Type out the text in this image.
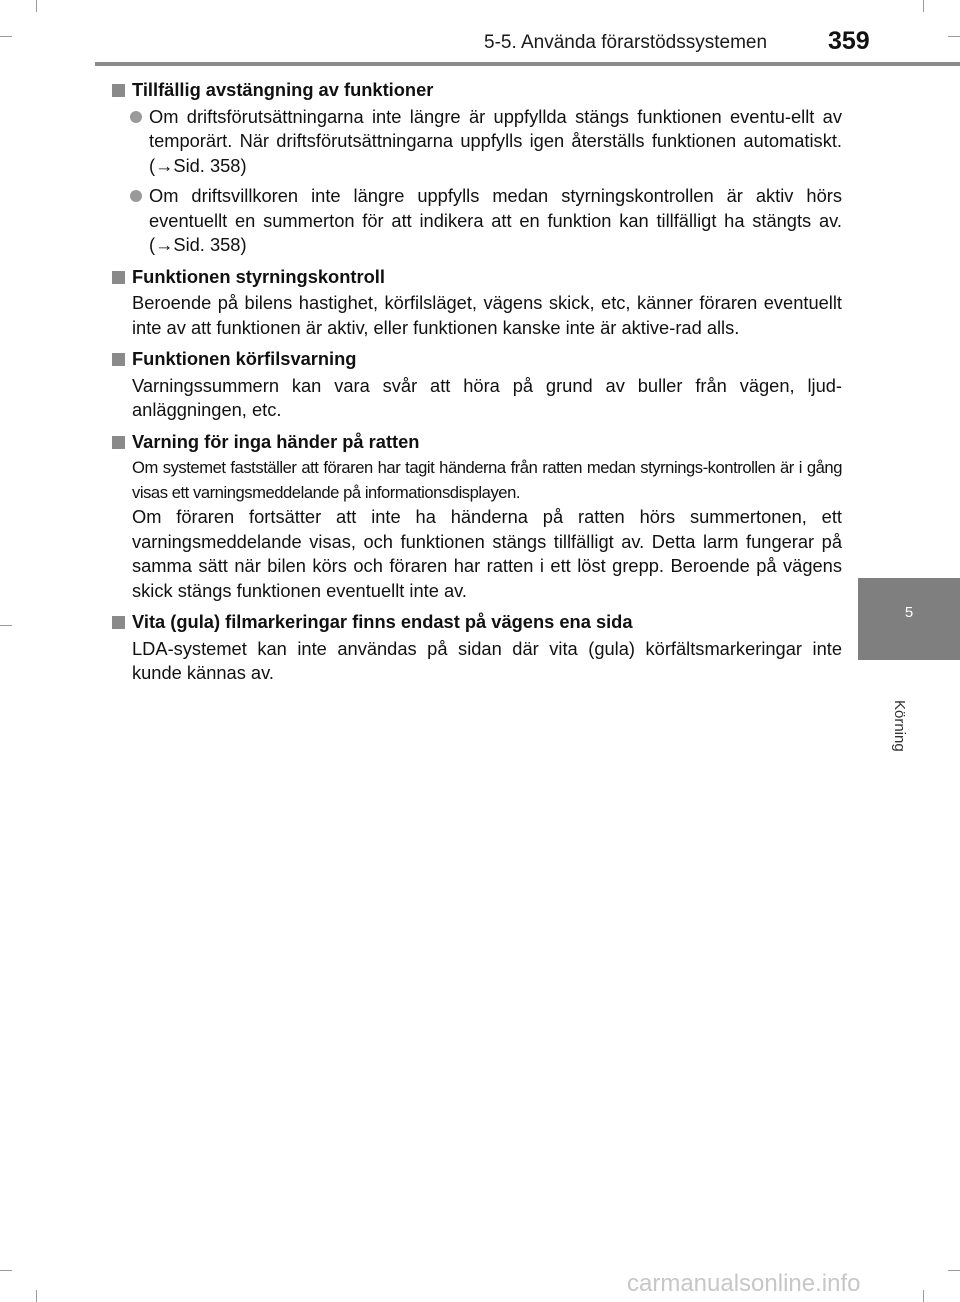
5-5. Använda förarstödssystemen 359
5
Körning
Tillfällig avstängning av funktioner
Om driftsförutsättningarna inte längre är uppfyllda stängs funktionen eventu-ellt av temporärt. När driftsförutsättningarna uppfylls igen återställs funktionen automatiskt. (→Sid. 358)
Om driftsvillkoren inte längre uppfylls medan styrningskontrollen är aktiv hörs eventuellt en summerton för att indikera att en funktion kan tillfälligt ha stängts av. (→Sid. 358)
Funktionen styrningskontroll
Beroende på bilens hastighet, körfilsläget, vägens skick, etc, känner föraren eventuellt inte av att funktionen är aktiv, eller funktionen kanske inte är aktive-rad alls.
Funktionen körfilsvarning
Varningssummern kan vara svår att höra på grund av buller från vägen, ljud-anläggningen, etc.
Varning för inga händer på ratten
Om systemet fastställer att föraren har tagit händerna från ratten medan styrnings-kontrollen är i gång visas ett varningsmeddelande på informationsdisplayen.
Om föraren fortsätter att inte ha händerna på ratten hörs summertonen, ett varningsmeddelande visas, och funktionen stängs tillfälligt av. Detta larm fungerar på samma sätt när bilen körs och föraren har ratten i ett löst grepp. Beroende på vägens skick stängs funktionen eventuellt inte av.
Vita (gula) filmarkeringar finns endast på vägens ena sida
LDA-systemet kan inte användas på sidan där vita (gula) körfältsmarkeringar inte kunde kännas av.
carmanualsonline.info
